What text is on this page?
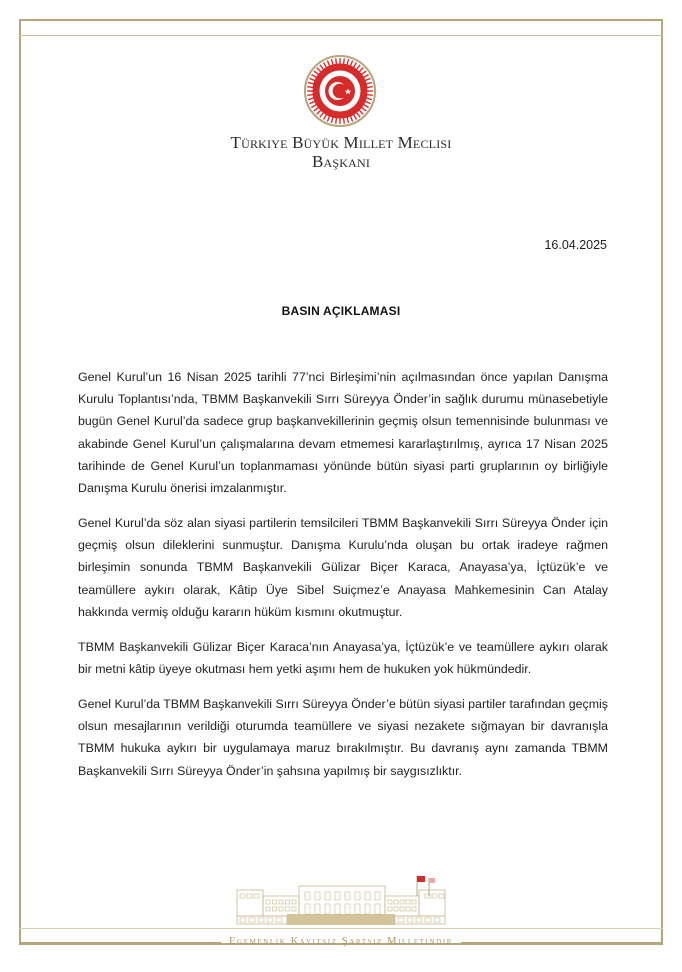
Türkiye Büyük Millet Meclisi
Başkanı
16.04.2025
BASIN AÇIKLAMASI

Genel Kurul’un 16 Nisan 2025 tarihli 77’nci Birleşimi’nin açılmasından önce yapılan Danışma Kurulu Toplantısı’nda, TBMM Başkanvekili Sırrı Süreyya Önder’in sağlık durumu münasebetiyle bugün Genel Kurul’da sadece grup başkanvekillerinin geçmiş olsun temennisinde bulunması ve akabinde Genel Kurul’un çalışmalarına devam etmemesi kararlaştırılmış, ayrıca 17 Nisan 2025 tarihinde de Genel Kurul’un toplanmaması yönünde bütün siyasi parti gruplarının oy birliğiyle Danışma Kurulu önerisi imzalanmıştır.

Genel Kurul’da söz alan siyasi partilerin temsilcileri TBMM Başkanvekili Sırrı Süreyya Önder için geçmiş olsun dileklerini sunmuştur. Danışma Kurulu’nda oluşan bu ortak iradeye rağmen birleşimin sonunda TBMM Başkanvekili Gülizar Biçer Karaca, Anayasa’ya, İçtüzük’e ve teamüllere aykırı olarak, Kâtip Üye Sibel Suiçmez’e Anayasa Mahkemesinin Can Atalay hakkında vermiş olduğu kararın hüküm kısmını okutmuştur.

TBMM Başkanvekili Gülizar Biçer Karaca’nın Anayasa’ya, İçtüzük’e ve teamüllere aykırı olarak bir metni kâtip üyeye okutması hem yetki aşımı hem de hukuken yok hükmündedir.

Genel Kurul’da TBMM Başkanvekili Sırrı Süreyya Önder’e bütün siyasi partiler tarafından geçmiş olsun mesajlarının verildiği oturumda teamüllere ve siyasi nezakete sığmayan bir davranışla TBMM hukuka aykırı bir uygulamaya maruz bırakılmıştır. Bu davranış aynı zamanda TBMM Başkanvekili Sırrı Süreyya Önder’in şahsına yapılmış bir saygısızlıktır.

Egemenlik Kayıtsız Şartsız Milletindir
